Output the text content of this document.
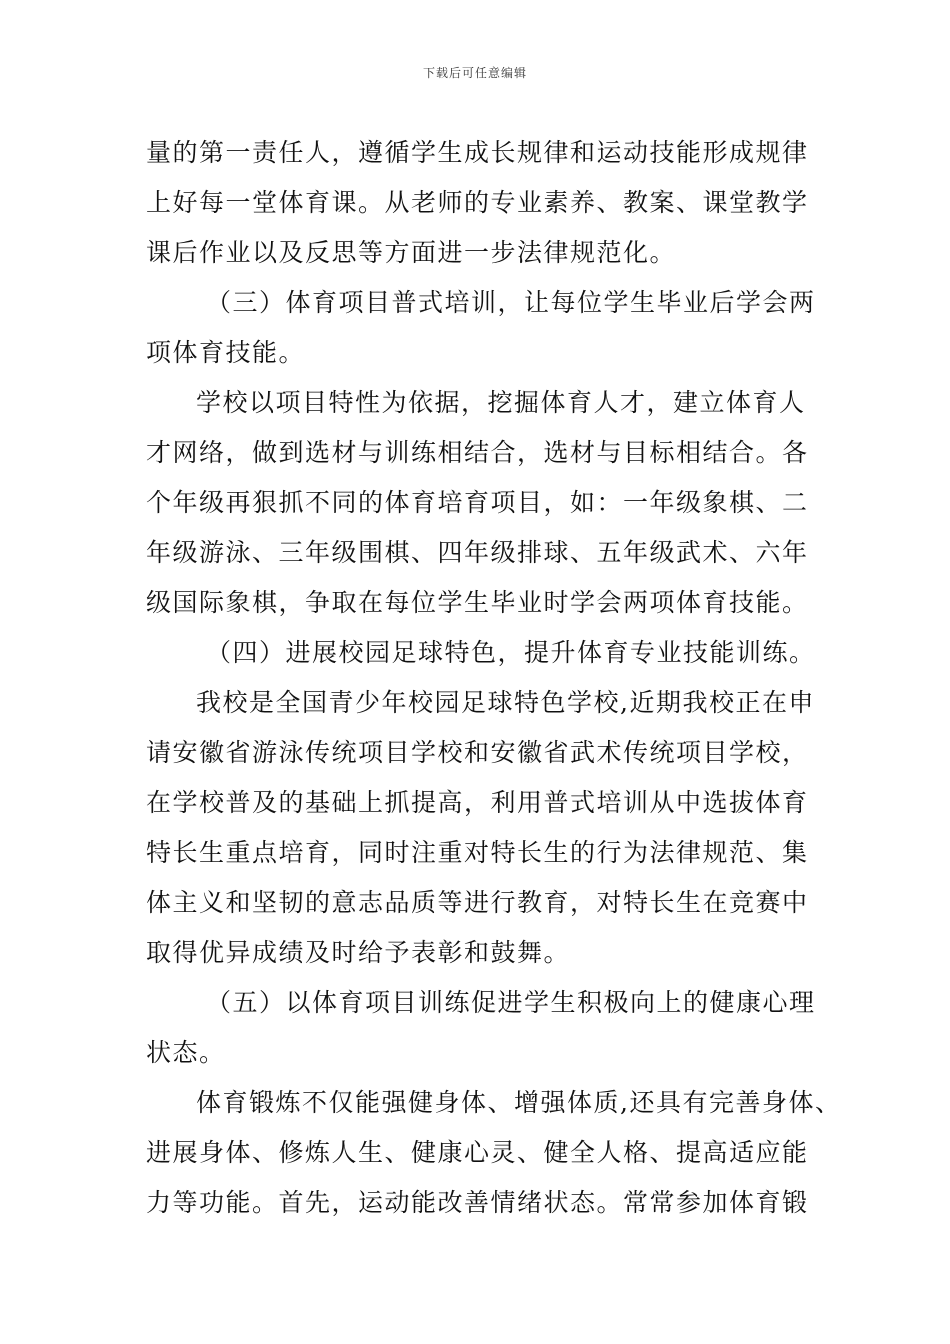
下载后可任意编辑
量的第一责任人，遵循学生成长规律和运动技能形成规律
上好每一堂体育课。从老师的专业素养、教案、课堂教学
课后作业以及反思等方面进一步法律规范化。
（三）体育项目普式培训，让每位学生毕业后学会两
项体育技能。
学校以项目特性为依据，挖掘体育人才，建立体育人
才网络，做到选材与训练相结合，选材与目标相结合。各
个年级再狠抓不同的体育培育项目，如：一年级象棋、二
年级游泳、三年级围棋、四年级排球、五年级武术、六年
级国际象棋，争取在每位学生毕业时学会两项体育技能。
（四）进展校园足球特色，提升体育专业技能训练。
我校是全国青少年校园足球特色学校,近期我校正在申
请安徽省游泳传统项目学校和安徽省武术传统项目学校，
在学校普及的基础上抓提高，利用普式培训从中选拔体育
特长生重点培育，同时注重对特长生的行为法律规范、集
体主义和坚韧的意志品质等进行教育，对特长生在竞赛中
取得优异成绩及时给予表彰和鼓舞。
（五）以体育项目训练促进学生积极向上的健康心理
状态。
体育锻炼不仅能强健身体、增强体质,还具有完善身体、
进展身体、修炼人生、健康心灵、健全人格、提高适应能
力等功能。首先，运动能改善情绪状态。常常参加体育锻
